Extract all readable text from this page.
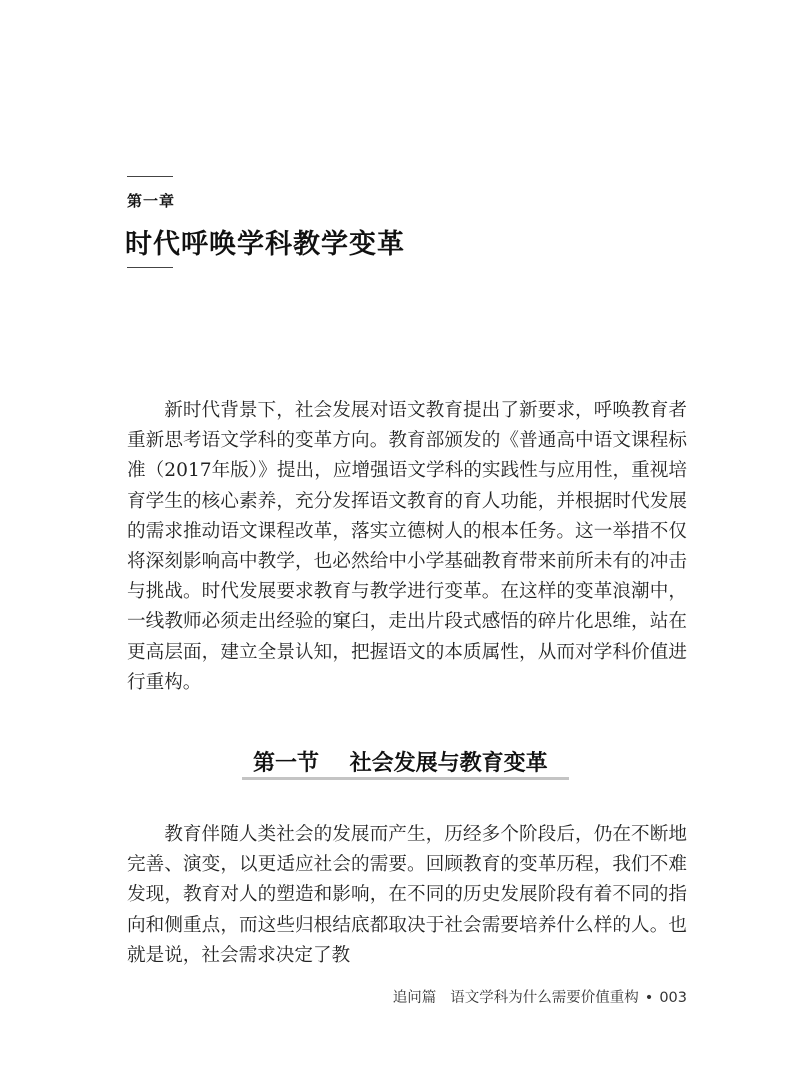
第一章
时代呼唤学科教学变革

新时代背景下，社会发展对语文教育提出了新要求，呼唤教育者重新思考语文学科的变革方向。教育部颁发的《普通高中语文课程标准（2017年版）》提出，应增强语文学科的实践性与应用性，重视培育学生的核心素养，充分发挥语文教育的育人功能，并根据时代发展的需求推动语文课程改革，落实立德树人的根本任务。这一举措不仅将深刻影响高中教学，也必然给中小学基础教育带来前所未有的冲击与挑战。时代发展要求教育与教学进行变革。在这样的变革浪潮中，一线教师必须走出经验的窠臼，走出片段式感悟的碎片化思维，站在更高层面，建立全景认知，把握语文的本质属性，从而对学科价值进行重构。

第一节 社会发展与教育变革

教育伴随人类社会的发展而产生，历经多个阶段后，仍在不断地完善、演变，以更适应社会的需要。回顾教育的变革历程，我们不难发现，教育对人的塑造和影响，在不同的历史发展阶段有着不同的指向和侧重点，而这些归根结底都取决于社会需要培养什么样的人。也就是说，社会需求决定了教

追问篇 语文学科为什么需要价值重构 • 003
